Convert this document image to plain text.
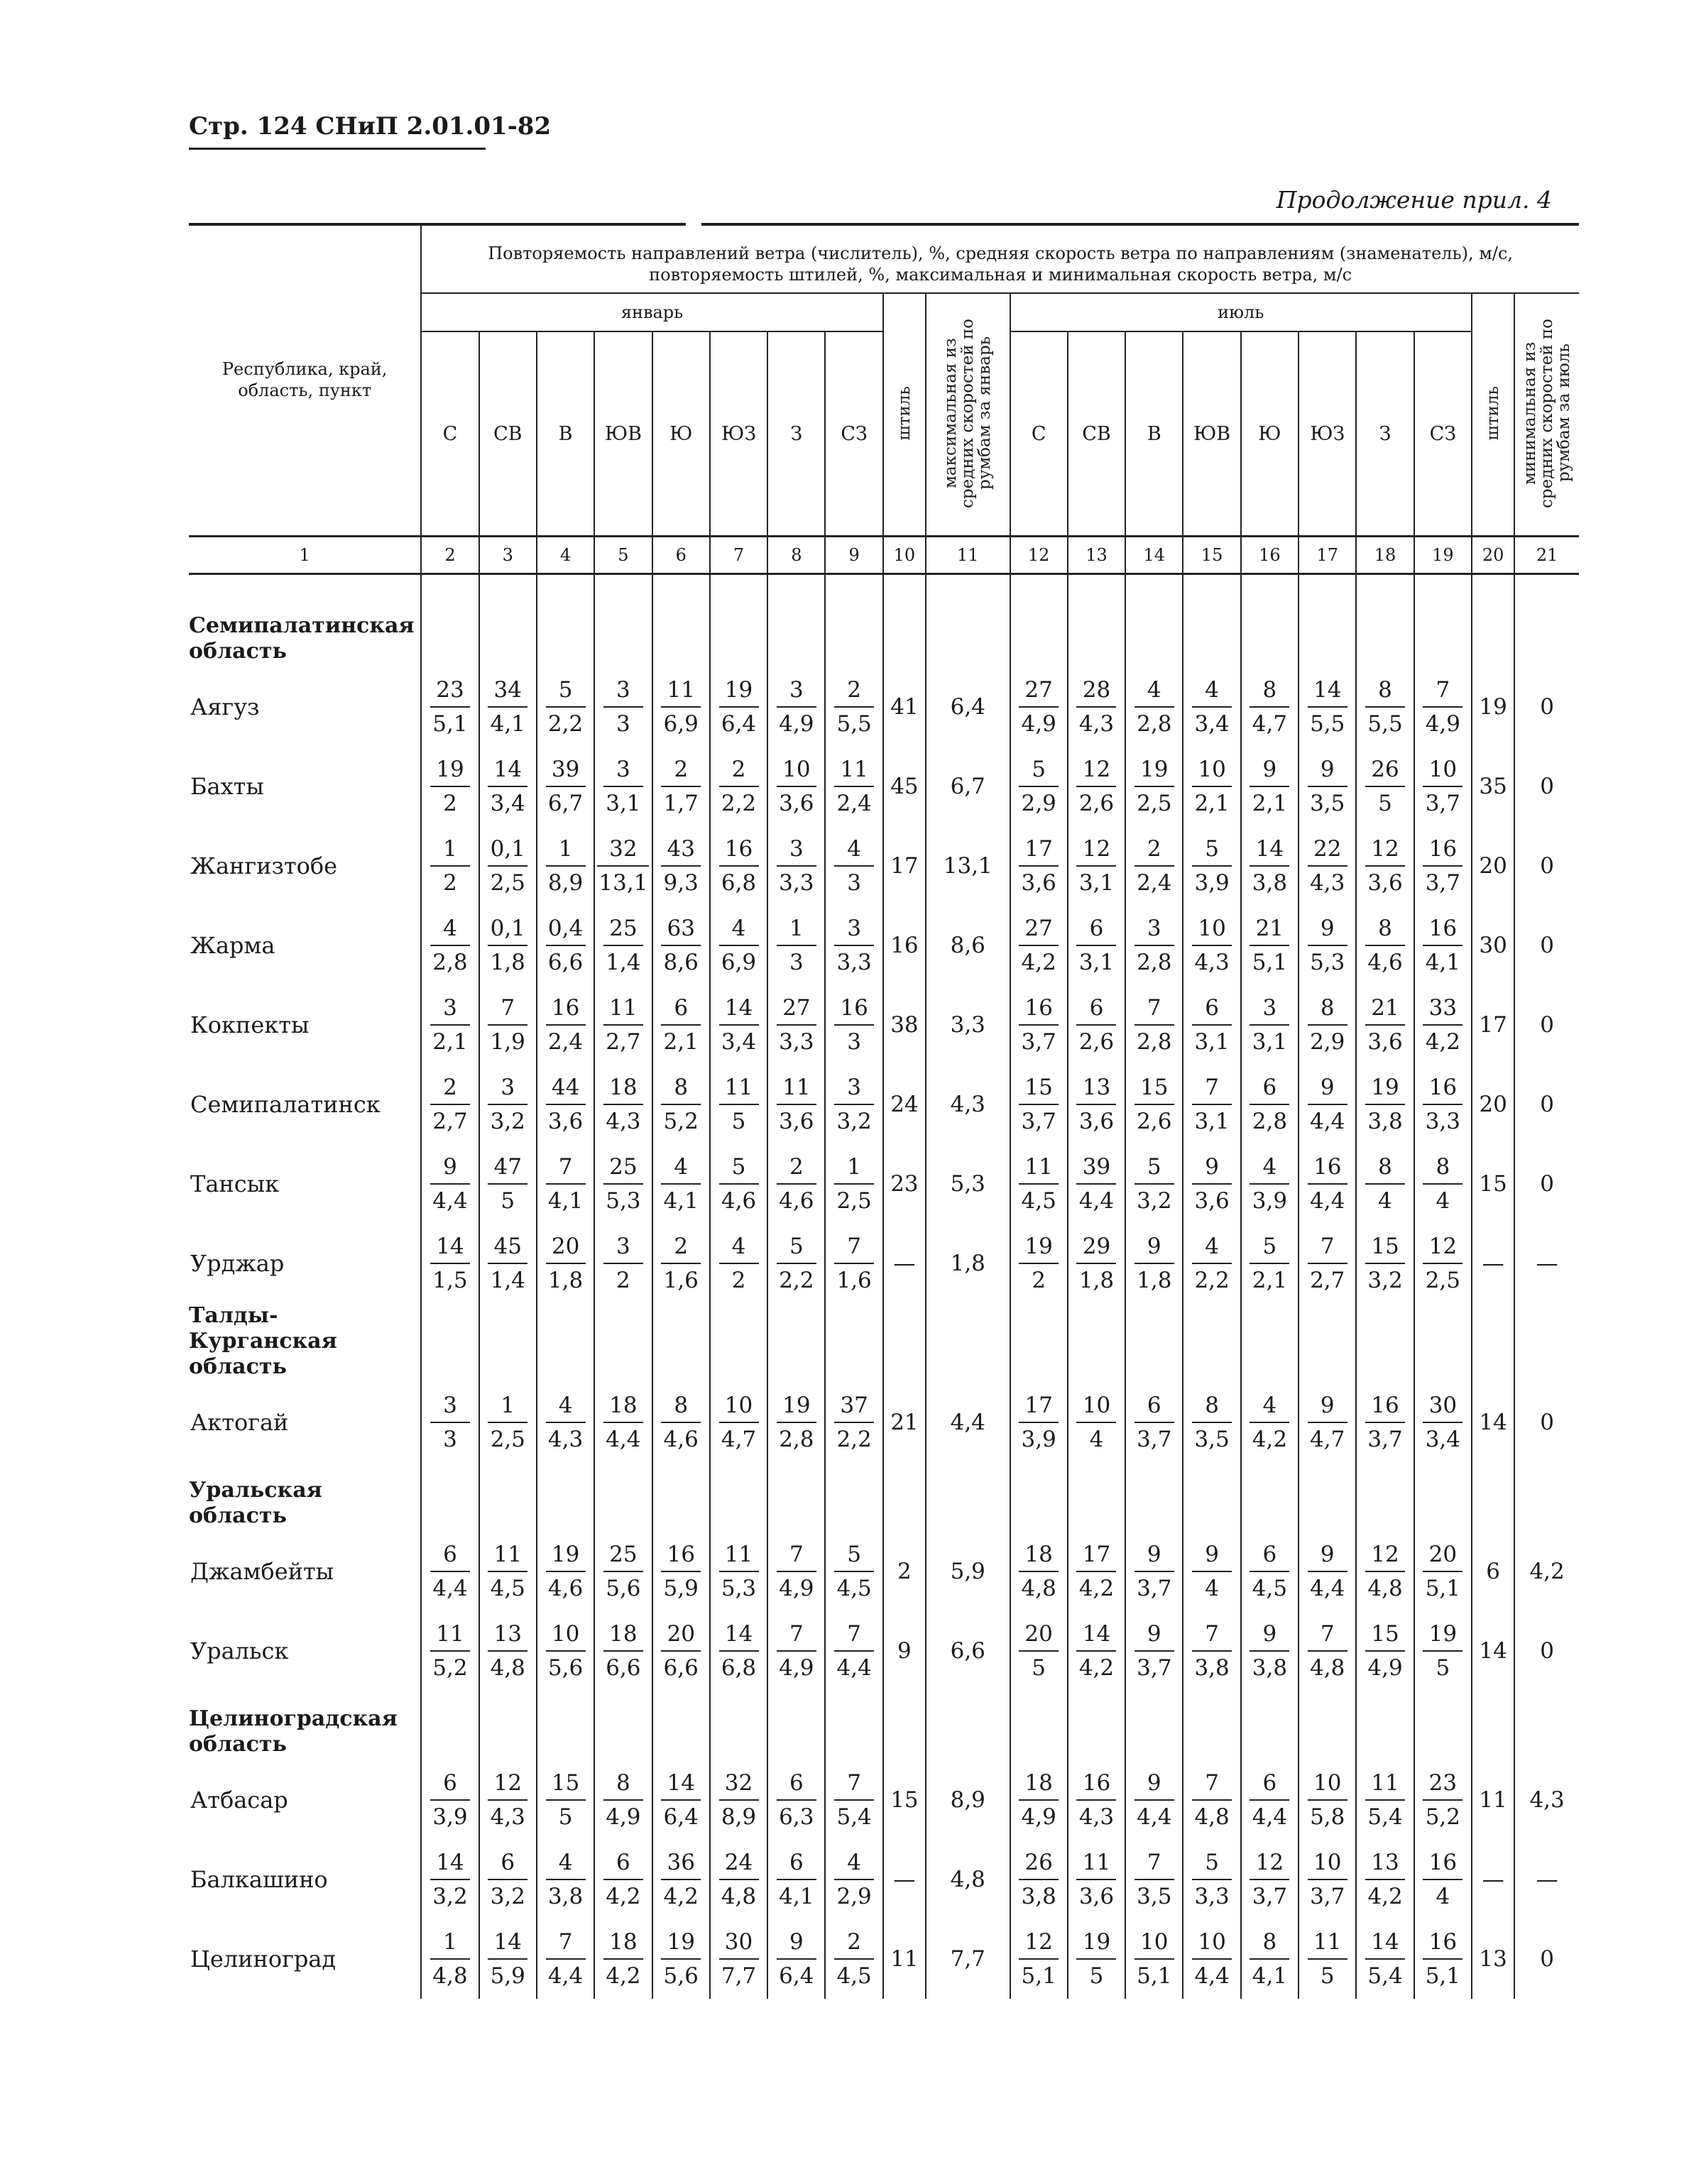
Стр. 124 СНиП 2.01.01-82
Продолжение прил. 4
Республика, край, область, пункт	Повторяемость направлений ветра (числитель), %, средняя скорость ветра по направлениям (знаменатель), м/с, повторяемость штилей, %, максимальная и минимальная скорость ветра, м/с																			
	январь								штиль	максимальная из средних скоростей по румбам за январь	июль								штиль	минимальная из средних скоростей по румбам за июль
	С	СВ	В	ЮВ	Ю	ЮЗ	З	СЗ			С	СВ	В	ЮВ	Ю	ЮЗ	З	СЗ		
1	2	3	4	5	6	7	8	9	10	11	12	13	14	15	16	17	18	19	20	21

Семипалатинская область																				
Аягуз	$\frac{23}{5,1}$	$\frac{34}{4,1}$	$\frac{5}{2,2}$	$\frac{3}{3}$	$\frac{11}{6,9}$	$\frac{19}{6,4}$	$\frac{3}{4,9}$	$\frac{2}{5,5}$	41	6,4	$\frac{27}{4,9}$	$\frac{28}{4,3}$	$\frac{4}{2,8}$	$\frac{4}{3,4}$	$\frac{8}{4,7}$	$\frac{14}{5,5}$	$\frac{8}{5,5}$	$\frac{7}{4,9}$	19	0
Бахты	$\frac{19}{2}$	$\frac{14}{3,4}$	$\frac{39}{6,7}$	$\frac{3}{3,1}$	$\frac{2}{1,7}$	$\frac{2}{2,2}$	$\frac{10}{3,6}$	$\frac{11}{2,4}$	45	6,7	$\frac{5}{2,9}$	$\frac{12}{2,6}$	$\frac{19}{2,5}$	$\frac{10}{2,1}$	$\frac{9}{2,1}$	$\frac{9}{3,5}$	$\frac{26}{5}$	$\frac{10}{3,7}$	35	0
Жангизтобе	$\frac{1}{2}$	$\frac{0,1}{2,5}$	$\frac{1}{8,9}$	$\frac{32}{13,1}$	$\frac{43}{9,3}$	$\frac{16}{6,8}$	$\frac{3}{3,3}$	$\frac{4}{3}$	17	13,1	$\frac{17}{3,6}$	$\frac{12}{3,1}$	$\frac{2}{2,4}$	$\frac{5}{3,9}$	$\frac{14}{3,8}$	$\frac{22}{4,3}$	$\frac{12}{3,6}$	$\frac{16}{3,7}$	20	0
Жарма	$\frac{4}{2,8}$	$\frac{0,1}{1,8}$	$\frac{0,4}{6,6}$	$\frac{25}{1,4}$	$\frac{63}{8,6}$	$\frac{4}{6,9}$	$\frac{1}{3}$	$\frac{3}{3,3}$	16	8,6	$\frac{27}{4,2}$	$\frac{6}{3,1}$	$\frac{3}{2,8}$	$\frac{10}{4,3}$	$\frac{21}{5,1}$	$\frac{9}{5,3}$	$\frac{8}{4,6}$	$\frac{16}{4,1}$	30	0
Кокпекты	$\frac{3}{2,1}$	$\frac{7}{1,9}$	$\frac{16}{2,4}$	$\frac{11}{2,7}$	$\frac{6}{2,1}$	$\frac{14}{3,4}$	$\frac{27}{3,3}$	$\frac{16}{3}$	38	3,3	$\frac{16}{3,7}$	$\frac{6}{2,6}$	$\frac{7}{2,8}$	$\frac{6}{3,1}$	$\frac{3}{3,1}$	$\frac{8}{2,9}$	$\frac{21}{3,6}$	$\frac{33}{4,2}$	17	0
Семипалатинск	$\frac{2}{2,7}$	$\frac{3}{3,2}$	$\frac{44}{3,6}$	$\frac{18}{4,3}$	$\frac{8}{5,2}$	$\frac{11}{5}$	$\frac{11}{3,6}$	$\frac{3}{3,2}$	24	4,3	$\frac{15}{3,7}$	$\frac{13}{3,6}$	$\frac{15}{2,6}$	$\frac{7}{3,1}$	$\frac{6}{2,8}$	$\frac{9}{4,4}$	$\frac{19}{3,8}$	$\frac{16}{3,3}$	20	0
Тансык	$\frac{9}{4,4}$	$\frac{47}{5}$	$\frac{7}{4,1}$	$\frac{25}{5,3}$	$\frac{4}{4,1}$	$\frac{5}{4,6}$	$\frac{2}{4,6}$	$\frac{1}{2,5}$	23	5,3	$\frac{11}{4,5}$	$\frac{39}{4,4}$	$\frac{5}{3,2}$	$\frac{9}{3,6}$	$\frac{4}{3,9}$	$\frac{16}{4,4}$	$\frac{8}{4}$	$\frac{8}{4}$	15	0
Урджар	$\frac{14}{1,5}$	$\frac{45}{1,4}$	$\frac{20}{1,8}$	$\frac{3}{2}$	$\frac{2}{1,6}$	$\frac{4}{2}$	$\frac{5}{2,2}$	$\frac{7}{1,6}$	—	1,8	$\frac{19}{2}$	$\frac{29}{1,8}$	$\frac{9}{1,8}$	$\frac{4}{2,2}$	$\frac{5}{2,1}$	$\frac{7}{2,7}$	$\frac{15}{3,2}$	$\frac{12}{2,5}$	—	—
Талды-Курганская область																				
Актогай	$\frac{3}{3}$	$\frac{1}{2,5}$	$\frac{4}{4,3}$	$\frac{18}{4,4}$	$\frac{8}{4,6}$	$\frac{10}{4,7}$	$\frac{19}{2,8}$	$\frac{37}{2,2}$	21	4,4	$\frac{17}{3,9}$	$\frac{10}{4}$	$\frac{6}{3,7}$	$\frac{8}{3,5}$	$\frac{4}{4,2}$	$\frac{9}{4,7}$	$\frac{16}{3,7}$	$\frac{30}{3,4}$	14	0
Уральская область																				
Джамбейты	$\frac{6}{4,4}$	$\frac{11}{4,5}$	$\frac{19}{4,6}$	$\frac{25}{5,6}$	$\frac{16}{5,9}$	$\frac{11}{5,3}$	$\frac{7}{4,9}$	$\frac{5}{4,5}$	2	5,9	$\frac{18}{4,8}$	$\frac{17}{4,2}$	$\frac{9}{3,7}$	$\frac{9}{4}$	$\frac{6}{4,5}$	$\frac{9}{4,4}$	$\frac{12}{4,8}$	$\frac{20}{5,1}$	6	4,2
Уральск	$\frac{11}{5,2}$	$\frac{13}{4,8}$	$\frac{10}{5,6}$	$\frac{18}{6,6}$	$\frac{20}{6,6}$	$\frac{14}{6,8}$	$\frac{7}{4,9}$	$\frac{7}{4,4}$	9	6,6	$\frac{20}{5}$	$\frac{14}{4,2}$	$\frac{9}{3,7}$	$\frac{7}{3,8}$	$\frac{9}{3,8}$	$\frac{7}{4,8}$	$\frac{15}{4,9}$	$\frac{19}{5}$	14	0
Целиноградская область																				
Атбасар	$\frac{6}{3,9}$	$\frac{12}{4,3}$	$\frac{15}{5}$	$\frac{8}{4,9}$	$\frac{14}{6,4}$	$\frac{32}{8,9}$	$\frac{6}{6,3}$	$\frac{7}{5,4}$	15	8,9	$\frac{18}{4,9}$	$\frac{16}{4,3}$	$\frac{9}{4,4}$	$\frac{7}{4,8}$	$\frac{6}{4,4}$	$\frac{10}{5,8}$	$\frac{11}{5,4}$	$\frac{23}{5,2}$	11	4,3
Балкашино	$\frac{14}{3,2}$	$\frac{6}{3,2}$	$\frac{4}{3,8}$	$\frac{6}{4,2}$	$\frac{36}{4,2}$	$\frac{24}{4,8}$	$\frac{6}{4,1}$	$\frac{4}{2,9}$	—	4,8	$\frac{26}{3,8}$	$\frac{11}{3,6}$	$\frac{7}{3,5}$	$\frac{5}{3,3}$	$\frac{12}{3,7}$	$\frac{10}{3,7}$	$\frac{13}{4,2}$	$\frac{16}{4}$	—	—
Целиноград	$\frac{1}{4,8}$	$\frac{14}{5,9}$	$\frac{7}{4,4}$	$\frac{18}{4,2}$	$\frac{19}{5,6}$	$\frac{30}{7,7}$	$\frac{9}{6,4}$	$\frac{2}{4,5}$	11	7,7	$\frac{12}{5,1}$	$\frac{19}{5}$	$\frac{10}{5,1}$	$\frac{10}{4,4}$	$\frac{8}{4,1}$	$\frac{11}{5}$	$\frac{14}{5,4}$	$\frac{16}{5,1}$	13	0
